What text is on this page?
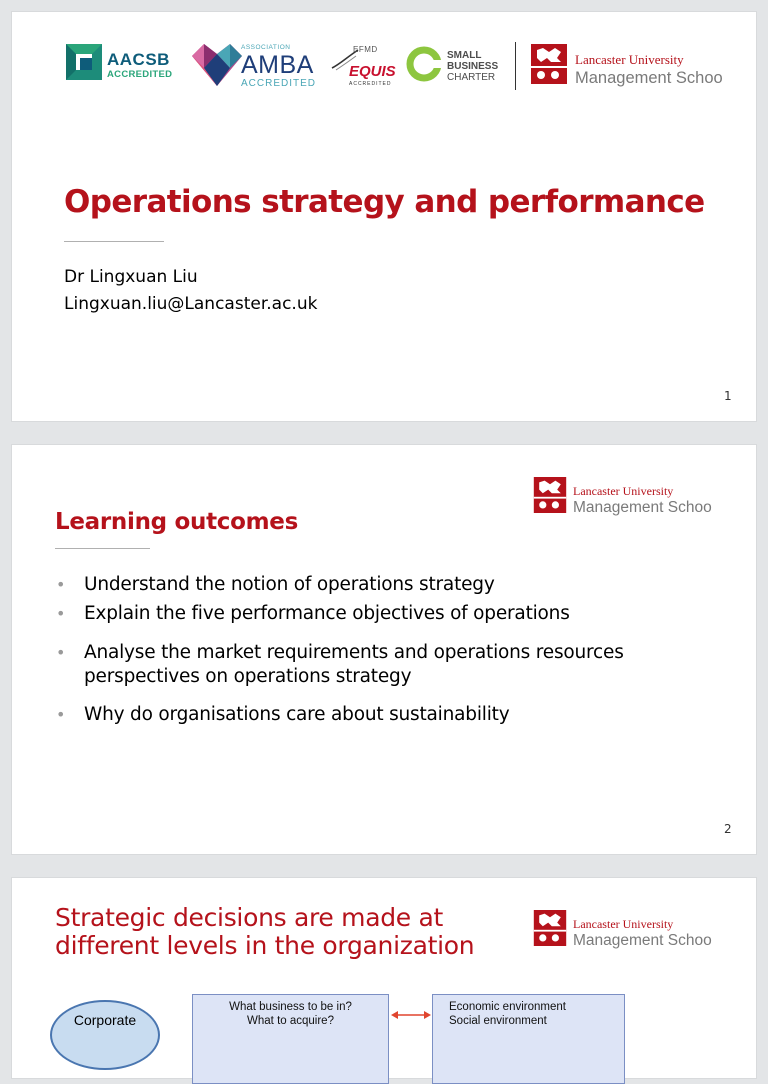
AACSB
ACCREDITED
ASSOCIATION
AMBA
ACCREDITED
EFMD
EQUIS
ACCREDITED
SMALL
BUSINESS
CHARTER
Lancaster University
Management Schoo
Operations strategy and performance
Dr Lingxuan Liu
Lingxuan.liu@Lancaster.ac.uk
1
Lancaster University
Management Schoo
Learning outcomes
• Understand the notion of operations strategy
• Explain the five performance objectives of operations
• Analyse the market requirements and operations resources
perspectives on operations strategy
• Why do organisations care about sustainability
2
Lancaster University
Management Schoo
Strategic decisions are made at
different levels in the organization
Corporate
What business to be in?
What to acquire?
Economic environment
Social environment
